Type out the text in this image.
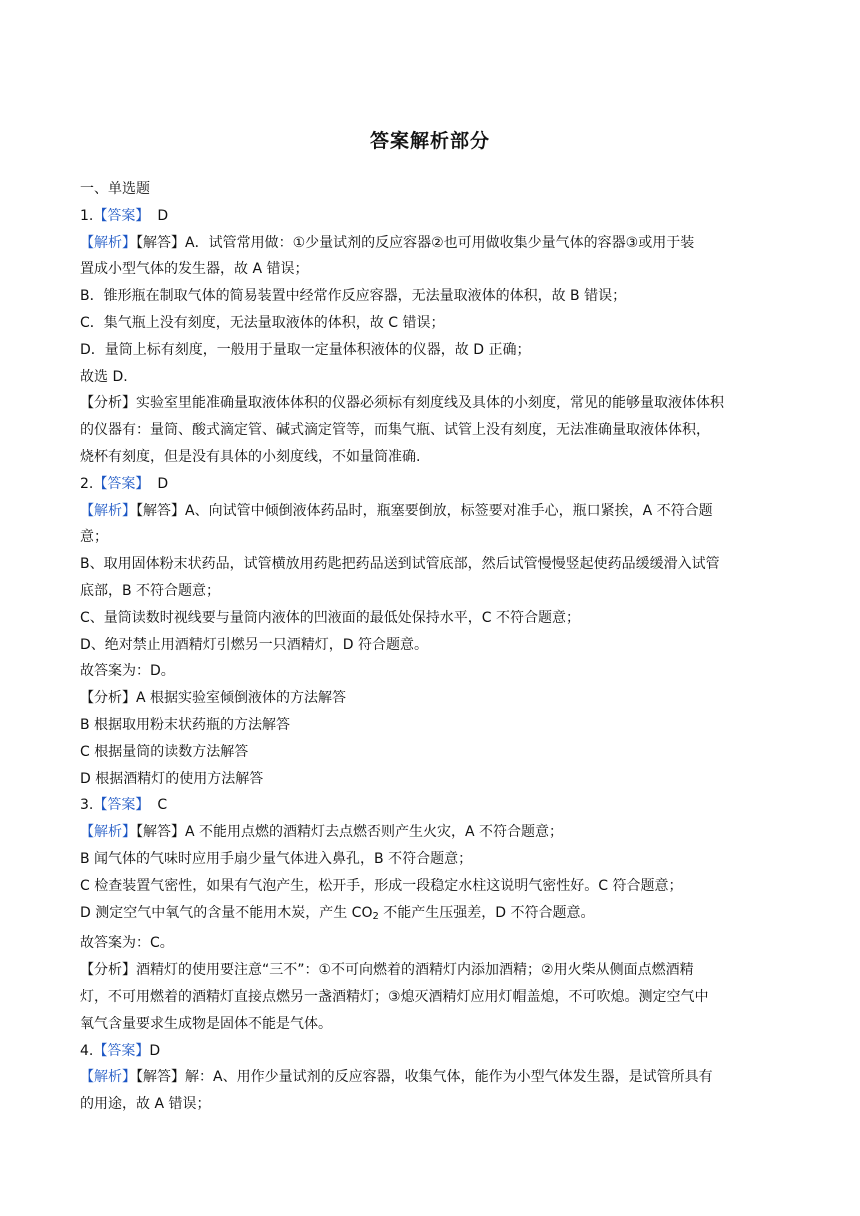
答案解析部分
一、单选题
1.【答案】 D
【解析】【解答】A．试管常用做：①少量试剂的反应容器②也可用做收集少量气体的容器③或用于装
置成小型气体的发生器，故 A 错误；
B．锥形瓶在制取气体的简易装置中经常作反应容器，无法量取液体的体积，故 B 错误；
C．集气瓶上没有刻度，无法量取液体的体积，故 C 错误；
D．量筒上标有刻度，一般用于量取一定量体积液体的仪器，故 D 正确；
故选 D.
【分析】实验室里能准确量取液体体积的仪器必须标有刻度线及具体的小刻度，常见的能够量取液体体积
的仪器有：量筒、酸式滴定管、碱式滴定管等，而集气瓶、试管上没有刻度，无法准确量取液体体积，
烧杯有刻度，但是没有具体的小刻度线，不如量筒准确.
2.【答案】 D
【解析】【解答】A、向试管中倾倒液体药品时，瓶塞要倒放，标签要对准手心，瓶口紧挨，A 不符合题
意；
B、取用固体粉末状药品，试管横放用药匙把药品送到试管底部，然后试管慢慢竖起使药品缓缓滑入试管
底部，B 不符合题意；
C、量筒读数时视线要与量筒内液体的凹液面的最低处保持水平，C 不符合题意；
D、绝对禁止用酒精灯引燃另一只酒精灯，D 符合题意。
故答案为：D。
【分析】A 根据实验室倾倒液体的方法解答
B 根据取用粉末状药瓶的方法解答
C 根据量筒的读数方法解答
D 根据酒精灯的使用方法解答
3.【答案】 C
【解析】【解答】A 不能用点燃的酒精灯去点燃否则产生火灾，A 不符合题意；
B 闻气体的气味时应用手扇少量气体进入鼻孔，B 不符合题意；
C 检查装置气密性，如果有气泡产生，松开手，形成一段稳定水柱这说明气密性好。C 符合题意；
D 测定空气中氧气的含量不能用木炭，产生 $CO_2$ 不能产生压强差，D 不符合题意。
故答案为：C。
【分析】酒精灯的使用要注意“三不”：①不可向燃着的酒精灯内添加酒精；②用火柴从侧面点燃酒精
灯，不可用燃着的酒精灯直接点燃另一盏酒精灯；③熄灭酒精灯应用灯帽盖熄，不可吹熄。测定空气中
氧气含量要求生成物是固体不能是气体。
4.【答案】D
【解析】【解答】解：A、用作少量试剂的反应容器，收集气体，能作为小型气体发生器，是试管所具有
的用途，故 A 错误；
